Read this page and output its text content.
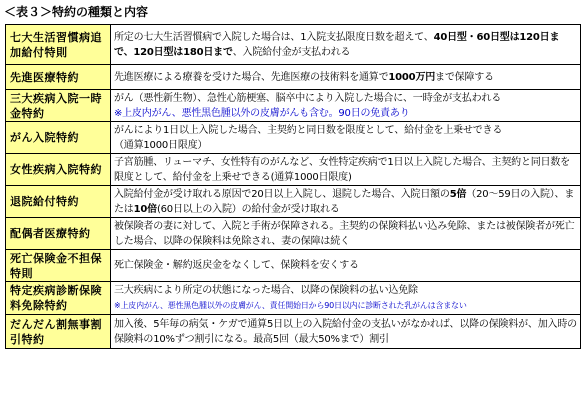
＜表３＞特約の種類と内容
七大生活習慣病追加給付特則	所定の七大生活習慣病で入院した場合は、1入院支払限度日数を超えて、40日型・60日型は120日まで、120日型は180日まで、入院給付金が支払われる
先進医療特約	先進医療による療養を受けた場合、先進医療の技術料を通算で1000万円まで保障する
三大疾病入院一時金特約	がん（悪性新生物）、急性心筋梗塞、脳卒中により入院した場合に、一時金が支払われる
※上皮内がん、悪性黒色腫以外の皮膚がんも含む。90日の免責あり
がん入院特約	がんにより1日以上入院した場合、主契約と同日数を限度として、給付金を上乗せできる
（通算1000日限度）
女性疾病入院特約	子宮筋腫、リューマチ、女性特有のがんなど、女性特定疾病で1日以上入院した場合、主契約と同日数を限度として、給付金を上乗せできる(通算1000日限度)
退院給付特約	入院給付金が受け取れる原因で20日以上入院し、退院した場合、入院日額の5倍（20～59日の入院）、または10倍(60日以上の入院）の給付金が受け取れる
配偶者医療特約	被保険者の妻に対して、入院と手術が保障される。主契約の保険料払い込み免除、または被保険者が死亡した場合、以降の保険料は免除され、妻の保障は続く
死亡保険金不担保特則	死亡保険金・解約返戻金をなくして、保険料を安くする
特定疾病診断保険料免除特約	三大疾病により所定の状態になった場合、以降の保険料の払い込免除
※上皮内がん、悪性黒色腫以外の皮膚がん、責任開始日から90日以内に診断された乳がんは含まない
だんだん割無事割引特約	加入後、5年毎の病気・ケガで通算5日以上の入院給付金の支払いがなかれば、以降の保険料が、加入時の保険料の10%ずつ割引になる。最高5回（最大50%まで）割引
